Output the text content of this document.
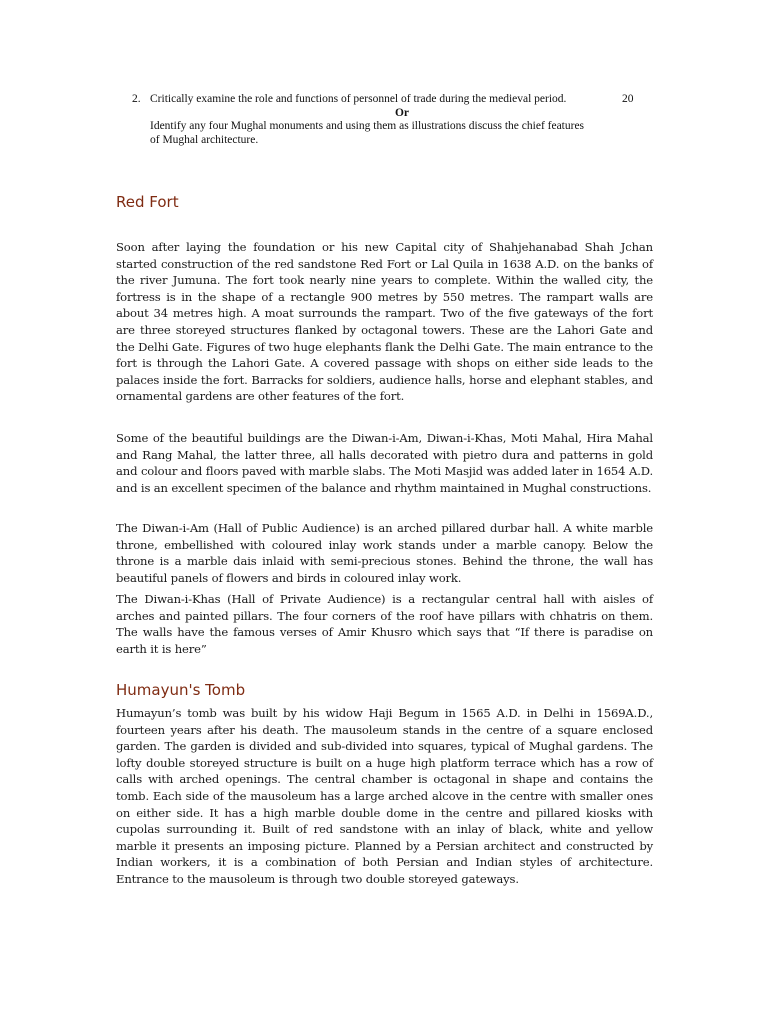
2. Critically examine the role and functions of personnel of trade during the medieval period.	20
Or
Identify any four Mughal monuments and using them as illustrations discuss the chief features of Mughal architecture.
Red Fort

Soon after laying the foundation or his new Capital city of Shahjehanabad Shah Jchan started construction of the red sandstone Red Fort or Lal Quila in 1638 A.D. on the banks of the river Jumuna. The fort took nearly nine years to complete. Within the walled city, the fortress is in the shape of a rectangle 900 metres by 550 metres. The rampart walls are about 34 metres high. A moat surrounds the rampart. Two of the five gateways of the fort are three storeyed structures flanked by octagonal towers. These are the Lahori Gate and the Delhi Gate. Figures of two huge elephants flank the Delhi Gate. The main entrance to the fort is through the Lahori Gate. A covered passage with shops on either side leads to the palaces inside the fort. Barracks for soldiers, audience halls, horse and elephant stables, and ornamental gardens are other features of the fort.

Some of the beautiful buildings are the Diwan-i-Am, Diwan-i-Khas, Moti Mahal, Hira Mahal and Rang Mahal, the latter three, all halls decorated with pietro dura and patterns in gold and colour and floors paved with marble slabs. The Moti Masjid was added later in 1654 A.D. and is an excellent specimen of the balance and rhythm maintained in Mughal constructions.

The Diwan-i-Am (Hall of Public Audience) is an arched pillared durbar hall. A white marble throne, embellished with coloured inlay work stands under a marble canopy. Below the throne is a marble dais inlaid with semi-precious stones. Behind the throne, the wall has beautiful panels of flowers and birds in coloured inlay work.

The Diwan-i-Khas (Hall of Private Audience) is a rectangular central hall with aisles of arches and painted pillars. The four corners of the roof have pillars with chhatris on them. The walls have the famous verses of Amir Khusro which says that “If there is paradise on earth it is here”

Humayun's Tomb

Humayun’s tomb was built by his widow Haji Begum in 1565 A.D. in Delhi in 1569A.D., fourteen years after his death. The mausoleum stands in the centre of a square enclosed garden. The garden is divided and sub-divided into squares, typical of Mughal gardens. The lofty double storeyed structure is built on a huge high platform terrace which has a row of calls with arched openings. The central chamber is octagonal in shape and contains the tomb. Each side of the mausoleum has a large arched alcove in the centre with smaller ones on either side. It has a high marble double dome in the centre and pillared kiosks with cupolas surrounding it. Built of red sandstone with an inlay of black, white and yellow marble it presents an imposing picture. Planned by a Persian architect and constructed by Indian workers, it is a combination of both Persian and Indian styles of architecture. Entrance to the mausoleum is through two double storeyed gateways.
